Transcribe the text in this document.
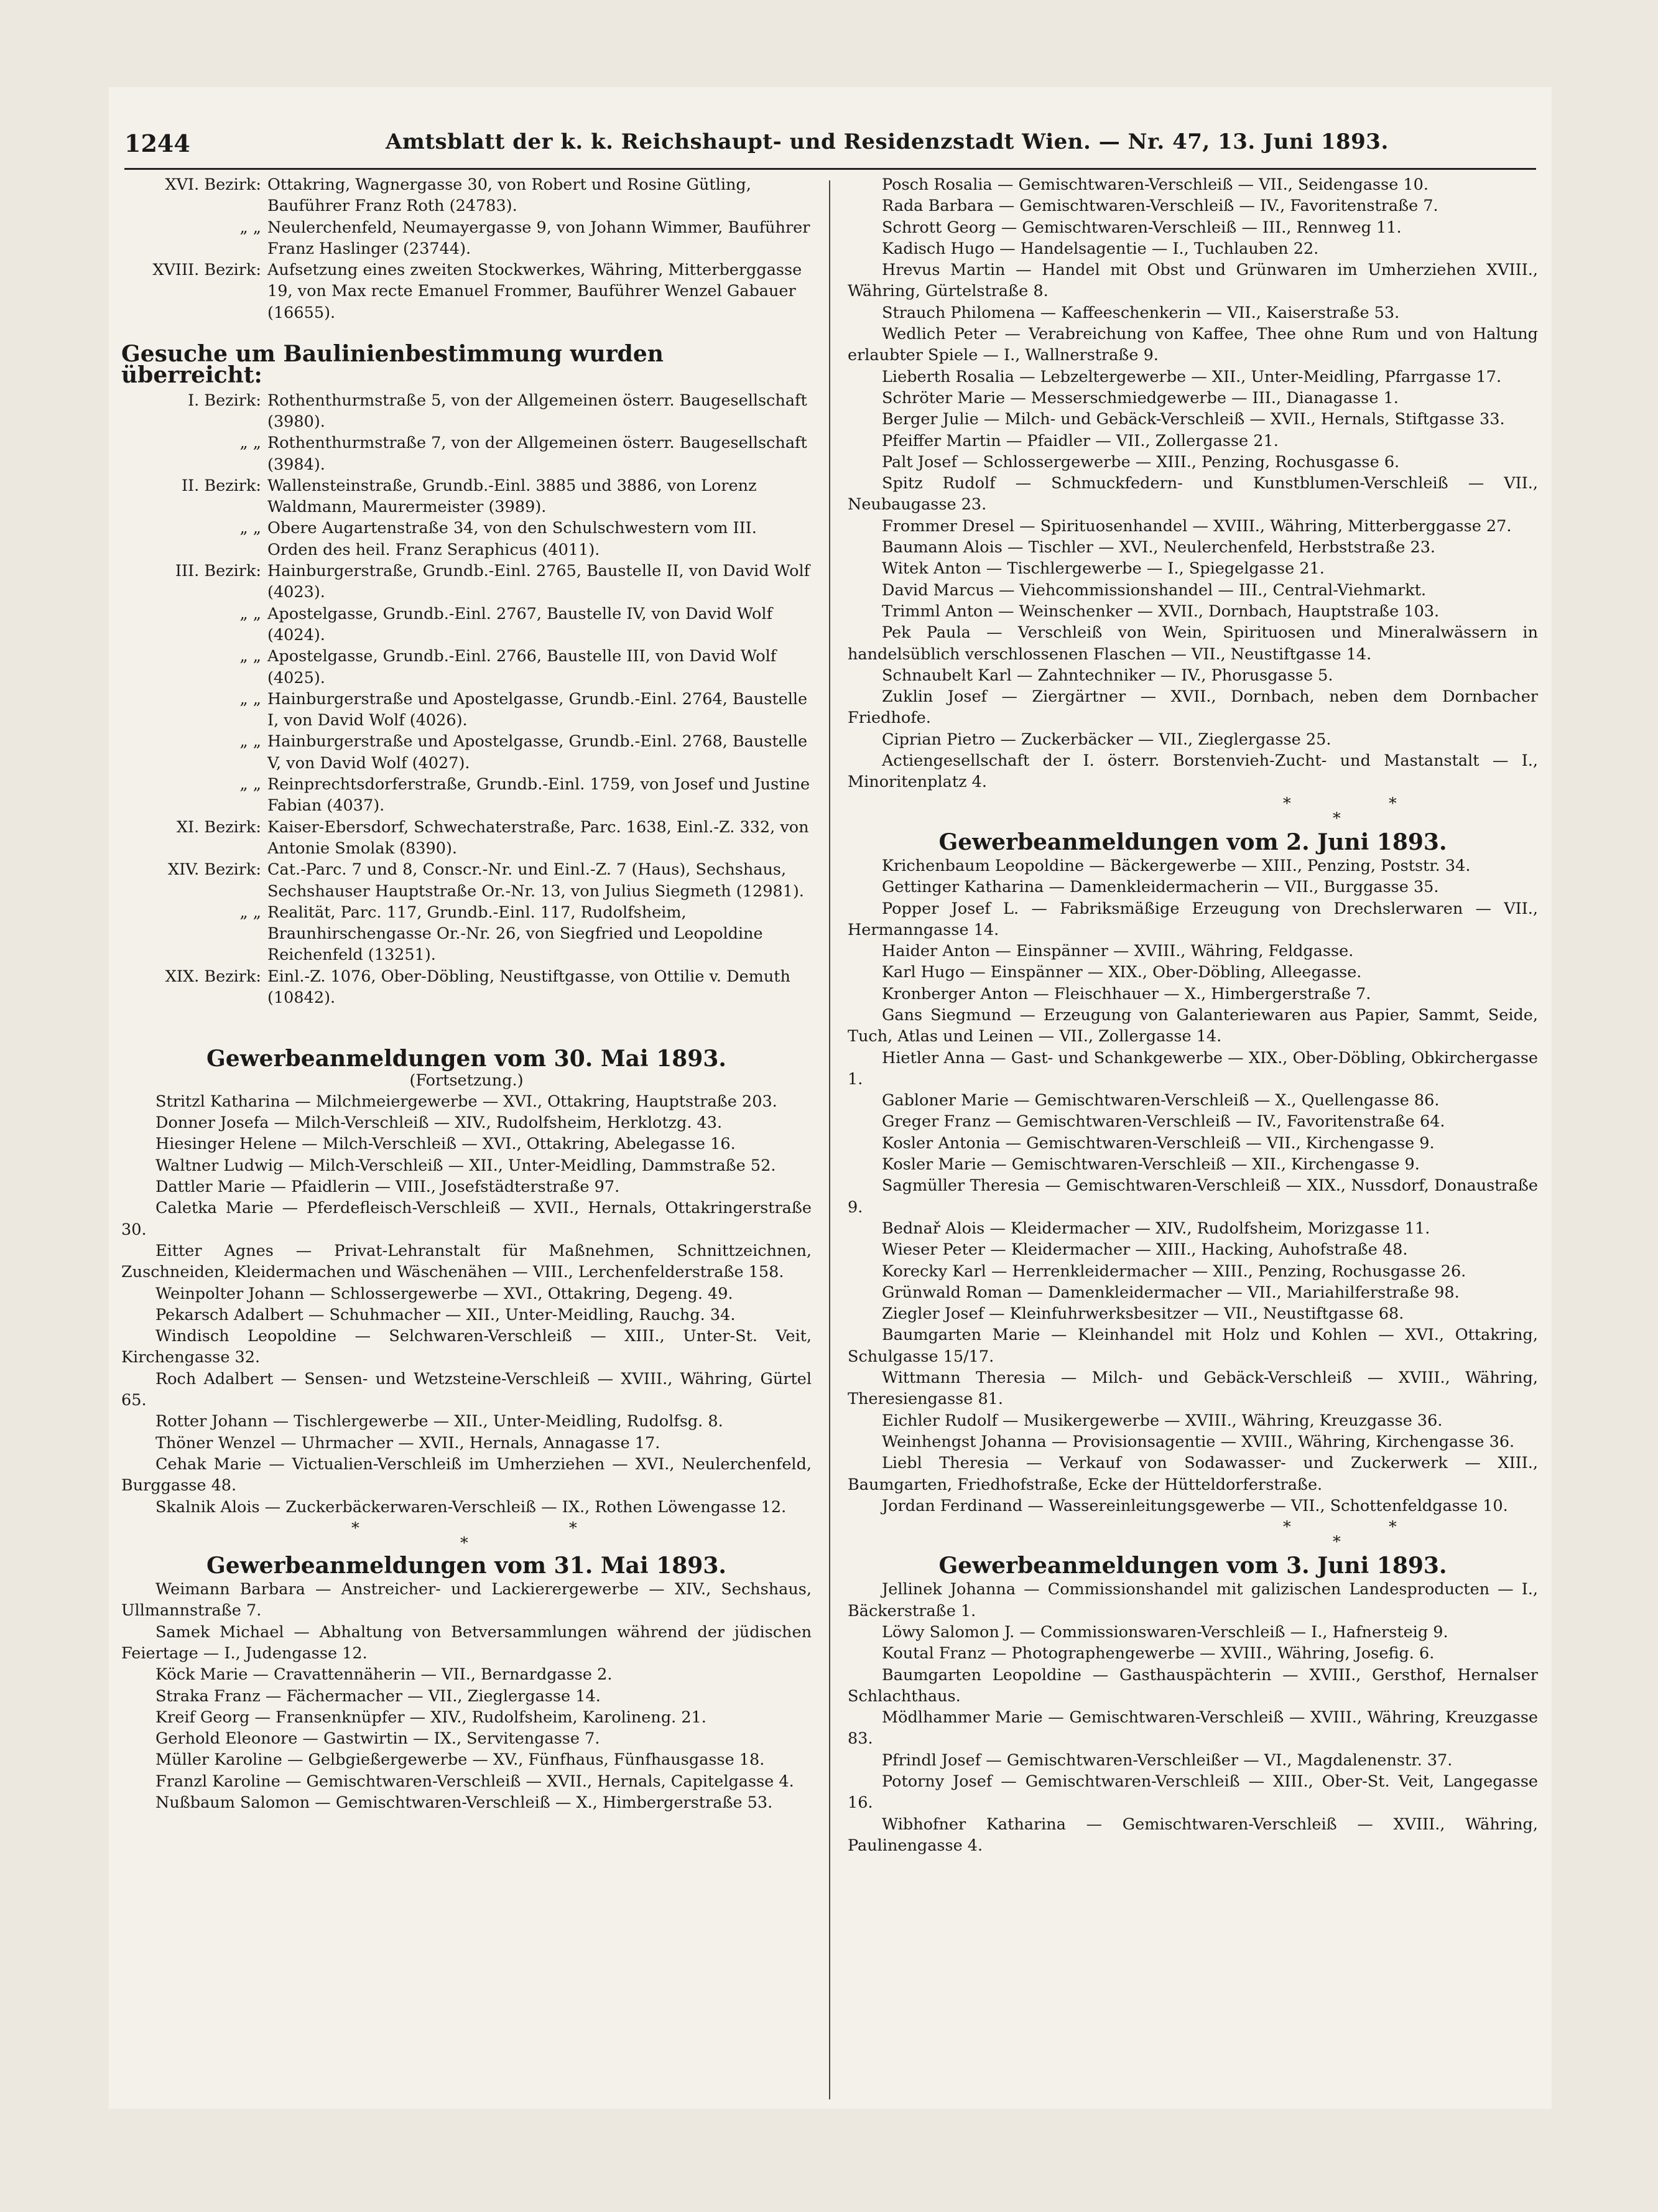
1244	Amtsblatt der k. k. Reichshaupt- und Residenzstadt Wien. — Nr. 47, 13. Juni 1893.
XVI. Bezirk: Ottakring, Wagnergasse 30, von Robert und Rosine Gütling, Bauführer Franz Roth (24783).
„ „ Neulerchenfeld, Neumayergasse 9, von Johann Wimmer, Bauführer Franz Haslinger (23744).
XVIII. Bezirk: Aufsetzung eines zweiten Stockwerkes, Währing, Mitterberggasse 19, von Max recte Emanuel Frommer, Bauführer Wenzel Gabauer (16655).
Gesuche um Baulinienbestimmung wurden überreicht:
I. Bezirk: Rothenthurmstraße 5, von der Allgemeinen österr. Baugesellschaft (3980).
„ „ Rothenthurmstraße 7, von der Allgemeinen österr. Baugesellschaft (3984).
II. Bezirk: Wallensteinstraße, Grundb.-Einl. 3885 und 3886, von Lorenz Waldmann, Maurermeister (3989).
„ „ Obere Augartenstraße 34, von den Schulschwestern vom III. Orden des heil. Franz Seraphicus (4011).
III. Bezirk: Hainburgerstraße, Grundb.-Einl. 2765, Baustelle II, von David Wolf (4023).
„ „ Apostelgasse, Grundb.-Einl. 2767, Baustelle IV, von David Wolf (4024).
„ „ Apostelgasse, Grundb.-Einl. 2766, Baustelle III, von David Wolf (4025).
„ „ Hainburgerstraße und Apostelgasse, Grundb.-Einl. 2764, Baustelle I, von David Wolf (4026).
„ „ Hainburgerstraße und Apostelgasse, Grundb.-Einl. 2768, Baustelle V, von David Wolf (4027).
„ „ Reinprechtsdorferstraße, Grundb.-Einl. 1759, von Josef und Justine Fabian (4037).
XI. Bezirk: Kaiser-Ebersdorf, Schwechaterstraße, Parc. 1638, Einl.-Z. 332, von Antonie Smolak (8390).
XIV. Bezirk: Cat.-Parc. 7 und 8, Conscr.-Nr. und Einl.-Z. 7 (Haus), Sechshaus, Sechshauser Hauptstraße Or.-Nr. 13, von Julius Siegmeth (12981).
„ „ Realität, Parc. 117, Grundb.-Einl. 117, Rudolfsheim, Braunhirschengasse Or.-Nr. 26, von Siegfried und Leopoldine Reichenfeld (13251).
XIX. Bezirk: Einl.-Z. 1076, Ober-Döbling, Neustiftgasse, von Ottilie v. Demuth (10842).
Gewerbeanmeldungen vom 30. Mai 1893.
(Fortsetzung.)

Stritzl Katharina — Milchmeiergewerbe — XVI., Ottakring, Hauptstraße 203.

Donner Josefa — Milch-Verschleiß — XIV., Rudolfsheim, Herklotzg. 43.

Hiesinger Helene — Milch-Verschleiß — XVI., Ottakring, Abelegasse 16.

Waltner Ludwig — Milch-Verschleiß — XII., Unter-Meidling, Dammstraße 52.

Dattler Marie — Pfaidlerin — VIII., Josefstädterstraße 97.

Caletka Marie — Pferdefleisch-Verschleiß — XVII., Hernals, Ottakringerstraße 30.

Eitter Agnes — Privat-Lehranstalt für Maßnehmen, Schnittzeichnen, Zuschneiden, Kleidermachen und Wäschenähen — VIII., Lerchenfelderstraße 158.

Weinpolter Johann — Schlossergewerbe — XVI., Ottakring, Degeng. 49.

Pekarsch Adalbert — Schuhmacher — XII., Unter-Meidling, Rauchg. 34.

Windisch Leopoldine — Selchwaren-Verschleiß — XIII., Unter-St. Veit, Kirchengasse 32.

Roch Adalbert — Sensen- und Wetzsteine-Verschleiß — XVIII., Währing, Gürtel 65.

Rotter Johann — Tischlergewerbe — XII., Unter-Meidling, Rudolfsg. 8.

Thöner Wenzel — Uhrmacher — XVII., Hernals, Annagasse 17.

Cehak Marie — Victualien-Verschleiß im Umherziehen — XVI., Neulerchenfeld, Burggasse 48.

Skalnik Alois — Zuckerbäckerwaren-Verschleiß — IX., Rothen Löwengasse 12.

*	*
*
Gewerbeanmeldungen vom 31. Mai 1893.

Weimann Barbara — Anstreicher- und Lackierergewerbe — XIV., Sechshaus, Ullmannstraße 7.

Samek Michael — Abhaltung von Betversammlungen während der jüdischen Feiertage — I., Judengasse 12.

Köck Marie — Cravattennäherin — VII., Bernardgasse 2.

Straka Franz — Fächermacher — VII., Zieglergasse 14.

Kreif Georg — Fransenknüpfer — XIV., Rudolfsheim, Karolineng. 21.

Gerhold Eleonore — Gastwirtin — IX., Servitengasse 7.

Müller Karoline — Gelbgießergewerbe — XV., Fünfhaus, Fünfhausgasse 18.

Franzl Karoline — Gemischtwaren-Verschleiß — XVII., Hernals, Capitelgasse 4.

Nußbaum Salomon — Gemischtwaren-Verschleiß — X., Himbergerstraße 53.

Posch Rosalia — Gemischtwaren-Verschleiß — VII., Seidengasse 10.

Rada Barbara — Gemischtwaren-Verschleiß — IV., Favoritenstraße 7.

Schrott Georg — Gemischtwaren-Verschleiß — III., Rennweg 11.

Kadisch Hugo — Handelsagentie — I., Tuchlauben 22.

Hrevus Martin — Handel mit Obst und Grünwaren im Umherziehen XVIII., Währing, Gürtelstraße 8.

Strauch Philomena — Kaffeeschenkerin — VII., Kaiserstraße 53.

Wedlich Peter — Verabreichung von Kaffee, Thee ohne Rum und von Haltung erlaubter Spiele — I., Wallnerstraße 9.

Lieberth Rosalia — Lebzeltergewerbe — XII., Unter-Meidling, Pfarrgasse 17.

Schröter Marie — Messerschmiedgewerbe — III., Dianagasse 1.

Berger Julie — Milch- und Gebäck-Verschleiß — XVII., Hernals, Stiftgasse 33.

Pfeiffer Martin — Pfaidler — VII., Zollergasse 21.

Palt Josef — Schlossergewerbe — XIII., Penzing, Rochusgasse 6.

Spitz Rudolf — Schmuckfedern- und Kunstblumen-Verschleiß — VII., Neubaugasse 23.

Frommer Dresel — Spirituosenhandel — XVIII., Währing, Mitterberggasse 27.

Baumann Alois — Tischler — XVI., Neulerchenfeld, Herbststraße 23.

Witek Anton — Tischlergewerbe — I., Spiegelgasse 21.

David Marcus — Viehcommissionshandel — III., Central-Viehmarkt.

Trimml Anton — Weinschenker — XVII., Dornbach, Hauptstraße 103.

Pek Paula — Verschleiß von Wein, Spirituosen und Mineralwässern in handelsüblich verschlossenen Flaschen — VII., Neustiftgasse 14.

Schnaubelt Karl — Zahntechniker — IV., Phorusgasse 5.

Zuklin Josef — Ziergärtner — XVII., Dornbach, neben dem Dornbacher Friedhofe.

Ciprian Pietro — Zuckerbäcker — VII., Zieglergasse 25.

Actiengesellschaft der I. österr. Borstenvieh-Zucht- und Mastanstalt — I., Minoritenplatz 4.

*	*
*
Gewerbeanmeldungen vom 2. Juni 1893.

Krichenbaum Leopoldine — Bäckergewerbe — XIII., Penzing, Poststr. 34.

Gettinger Katharina — Damenkleidermacherin — VII., Burggasse 35.

Popper Josef L. — Fabriksmäßige Erzeugung von Drechslerwaren — VII., Hermanngasse 14.

Haider Anton — Einspänner — XVIII., Währing, Feldgasse.

Karl Hugo — Einspänner — XIX., Ober-Döbling, Alleegasse.

Kronberger Anton — Fleischhauer — X., Himbergerstraße 7.

Gans Siegmund — Erzeugung von Galanteriewaren aus Papier, Sammt, Seide, Tuch, Atlas und Leinen — VII., Zollergasse 14.

Hietler Anna — Gast- und Schankgewerbe — XIX., Ober-Döbling, Obkirchergasse 1.

Gabloner Marie — Gemischtwaren-Verschleiß — X., Quellengasse 86.

Greger Franz — Gemischtwaren-Verschleiß — IV., Favoritenstraße 64.

Kosler Antonia — Gemischtwaren-Verschleiß — VII., Kirchengasse 9.

Kosler Marie — Gemischtwaren-Verschleiß — XII., Kirchengasse 9.

Sagmüller Theresia — Gemischtwaren-Verschleiß — XIX., Nussdorf, Donaustraße 9.

Bednař Alois — Kleidermacher — XIV., Rudolfsheim, Morizgasse 11.

Wieser Peter — Kleidermacher — XIII., Hacking, Auhofstraße 48.

Korecky Karl — Herrenkleidermacher — XIII., Penzing, Rochusgasse 26.

Grünwald Roman — Damenkleidermacher — VII., Mariahilferstraße 98.

Ziegler Josef — Kleinfuhrwerksbesitzer — VII., Neustiftgasse 68.

Baumgarten Marie — Kleinhandel mit Holz und Kohlen — XVI., Ottakring, Schulgasse 15/17.

Wittmann Theresia — Milch- und Gebäck-Verschleiß — XVIII., Währing, Theresiengasse 81.

Eichler Rudolf — Musikergewerbe — XVIII., Währing, Kreuzgasse 36.

Weinhengst Johanna — Provisionsagentie — XVIII., Währing, Kirchengasse 36.

Liebl Theresia — Verkauf von Sodawasser- und Zuckerwerk — XIII., Baumgarten, Friedhofstraße, Ecke der Hütteldorferstraße.

Jordan Ferdinand — Wassereinleitungsgewerbe — VII., Schottenfeldgasse 10.

*	*
*
Gewerbeanmeldungen vom 3. Juni 1893.

Jellinek Johanna — Commissionshandel mit galizischen Landesproducten — I., Bäckerstraße 1.

Löwy Salomon J. — Commissionswaren-Verschleiß — I., Hafnersteig 9.

Koutal Franz — Photographengewerbe — XVIII., Währing, Josefig. 6.

Baumgarten Leopoldine — Gasthauspächterin — XVIII., Gersthof, Hernalser Schlachthaus.

Mödlhammer Marie — Gemischtwaren-Verschleiß — XVIII., Währing, Kreuzgasse 83.

Pfrindl Josef — Gemischtwaren-Verschleißer — VI., Magdalenenstr. 37.

Potorny Josef — Gemischtwaren-Verschleiß — XIII., Ober-St. Veit, Langegasse 16.

Wibhofner Katharina — Gemischtwaren-Verschleiß — XVIII., Währing, Paulinengasse 4.
